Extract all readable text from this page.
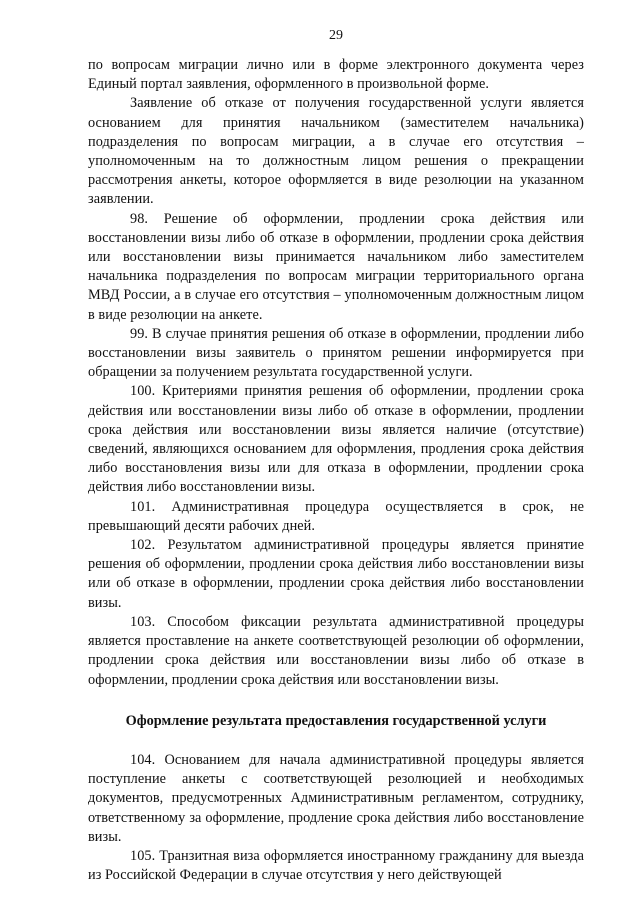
29

по вопросам миграции лично или в форме электронного документа через Единый портал заявления, оформленного в произвольной форме.

Заявление об отказе от получения государственной услуги является основанием для принятия начальником (заместителем начальника) подразделения по вопросам миграции, а в случае его отсутствия – уполномоченным на то должностным лицом решения о прекращении рассмотрения анкеты, которое оформляется в виде резолюции на указанном заявлении.

98. Решение об оформлении, продлении срока действия или восстановлении визы либо об отказе в оформлении, продлении срока действия или восстановлении визы принимается начальником либо заместителем начальника подразделения по вопросам миграции территориального органа МВД России, а в случае его отсутствия – уполномоченным должностным лицом в виде резолюции на анкете.

99. В случае принятия решения об отказе в оформлении, продлении либо восстановлении визы заявитель о принятом решении информируется при обращении за получением результата государственной услуги.

100. Критериями принятия решения об оформлении, продлении срока действия или восстановлении визы либо об отказе в оформлении, продлении срока действия или восстановлении визы является наличие (отсутствие) сведений, являющихся основанием для оформления, продления срока действия либо восстановления визы или для отказа в оформлении, продлении срока действия либо восстановлении визы.

101. Административная процедура осуществляется в срок, не превышающий десяти рабочих дней.

102. Результатом административной процедуры является принятие решения об оформлении, продлении срока действия либо восстановлении визы или об отказе в оформлении, продлении срока действия либо восстановлении визы.

103. Способом фиксации результата административной процедуры является проставление на анкете соответствующей резолюции об оформлении, продлении срока действия или восстановлении визы либо об отказе в оформлении, продлении срока действия или восстановлении визы.

Оформление результата предоставления государственной услуги

104. Основанием для начала административной процедуры является поступление анкеты с соответствующей резолюцией и необходимых документов, предусмотренных Административным регламентом, сотруднику, ответственному за оформление, продление срока действия либо восстановление визы.

105. Транзитная виза оформляется иностранному гражданину для выезда из Российской Федерации в случае отсутствия у него действующей
